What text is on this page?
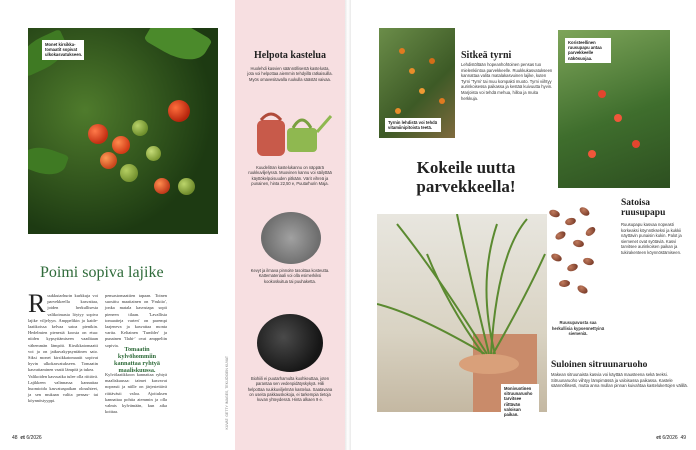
Monet kirsikka-tomaatit sopivat ulkokasvatukseen.
Poimi sopiva lajike
R uukkutarhurin kurkkuja voi parvekkeella kasvattaa, joiden herkullisesta valikoimasta löytyy sopiva lajike viljelyyn. Amppelikin ja kaide-laatikoissa kelvaa satoa pienikin. Hedelmien pienestä koosta on etua: niiden kypsyttämiseen vaaditaan vähemmän lämpöä. Kirsikkatomaatti voi ja on jatkuvakypsyntäinen sato. Siksi monet kirsikkatomaatit sopivat hyvin ulkokasvatukseen. Tomaatin kasvattaminen vaatii lämpöä ja tukea.
Valikoiden kasvuaika tulee olla riittävä. Lajikkeen valinnassa kannattaa huomioida kasvatuspaikan olosuhteet, ja sen mukaan valita pensas- tai köynnöstyyppi.
pensastomaattien tapaan. Toinen suosittu maatiainen on 'Fruktio', jonka matala kasvutapa sopii pieneen tilaan. 'Lavallisia tomaatteja varten' on parempi laajeneva ja kasvattaa monta vartta. Keltainen 'Tumbler' ja punainen 'Ilahi-' ovat amppeliin sopivia.
Tomaatin kylvöhommiin kannattaa ryhtyä maaliskuussa.
Kylvölaatikkoon kannattaa ryhtyä maaliskuussa: taimet kasvavat nopeasti ja niille on järjestettävä riittävästi valoa. Ajoituksen kannattaa pohtia aiemmin ja olla valmis kylvämään, kun aika koittaa.
Helpota kastelua
Huolehdi kasvien säännöllisestä kastelusta, jota voi helpottaa aiemmin tehdyillä ratkaisuilla. Myös omavesitavalla ruukulla säästät vaivaa.
Kuudelitran kastelukannu on näppärä ruukkuviljelyssä. Muovinen kannu voi säilyttää käyttökelpoisuuden pitkään. Värit vihreä ja punainen, hinta 22,50 e, Puutarhurin Maja.
Kevyt ja ilmava pinnoite tasoittaa kosteutta. Kattemateriaali voi olla esimerkiksi kookoskuitua tai puuhaketta.
Biohiili ei puutarhamulta kuohkeuttaa, joten parantaa sen vedenpidätyskykyä. Hiili helpottaa ruukkuviljelmän kastelua. Saatavana on useita pakkauskokoja, ei tarkempia tietoja kuvan yhteydessä. Hinta alkaen 9 e.
KUVAT: GETTY IMAGES, TEKIJÖIDEN KUVAT
48 et 6/2026
Tyrnin lehdistä voi tehdä vitamiinipitoista teetä.
Sitkeä tyrni
Lehdistöltään hopeanhohtoinen pensas tuo mielenkiintoa parvekkeelle. Ruukkukasvatukseen kannattaa valita matalakasvuinen lajike, kuten Tyrni 'Tyrni' tai muu kompakti muoto. Tyrni viihtyy aurinkoisessa paikassa ja kestää kuivuutta hyvin. Marjoista voi tehdä mehua, hilloa ja muita herkkuja.
Kokeile uutta parvekkeella!
Koristeellinen ruusupapu antaa parvekkeelle näkösuojaa.
Satoisa ruusupapu
Ruusupapu kasvaa nopeasti korkeaksi köynnökseksi ja kukkii näyttävin punaisin kukin. Palot ja siemenet ovat syötäviä. Kasvi tarvitsee aurinkoisen paikan ja tukirakenteen köynnöstämiseen.
Ruusupavusta saa herkullisia kypsennettyinä siemeniä.
Monivuotinen sitruunaruoho tarvitsee riittävän valoisan paikan.
Suloinen sitruunaruoho
Makean sitruunaista kasvia voi käyttää mausteena sekä teeksi. Sitruunaruoho viihtyy lämpimässä ja valoisassa paikassa. Kastele säännöllisesti, mutta anna mullan pinnan kuivahtaa kastelukertojen välillä.
et 6/2026 49
